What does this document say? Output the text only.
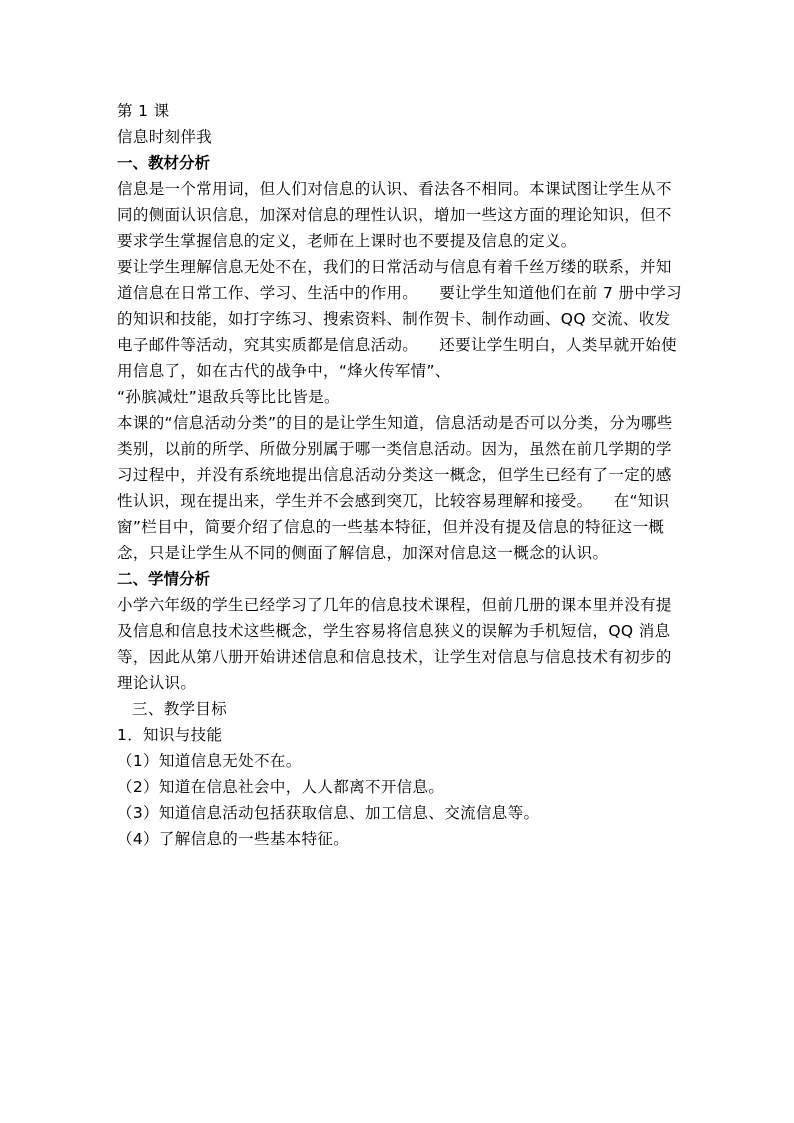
第 1 课
信息时刻伴我
一、教材分析
信息是一个常用词，但人们对信息的认识、看法各不相同。本课试图让学生从不
同的侧面认识信息，加深对信息的理性认识，增加一些这方面的理论知识，但不
要求学生掌握信息的定义，老师在上课时也不要提及信息的定义。
要让学生理解信息无处不在，我们的日常活动与信息有着千丝万缕的联系，并知
道信息在日常工作、学习、生活中的作用。    要让学生知道他们在前 7 册中学习
的知识和技能，如打字练习、搜索资料、制作贺卡、制作动画、QQ 交流、收发
电子邮件等活动，究其实质都是信息活动。    还要让学生明白，人类早就开始使
用信息了，如在古代的战争中，“烽火传军情”、
“孙膑减灶”退敌兵等比比皆是。
本课的“信息活动分类”的目的是让学生知道，信息活动是否可以分类，分为哪些
类别，以前的所学、所做分别属于哪一类信息活动。因为，虽然在前几学期的学
习过程中，并没有系统地提出信息活动分类这一概念，但学生已经有了一定的感
性认识，现在提出来，学生并不会感到突兀，比较容易理解和接受。    在“知识
窗”栏目中，简要介绍了信息的一些基本特征，但并没有提及信息的特征这一概
念，只是让学生从不同的侧面了解信息，加深对信息这一概念的认识。
二、学情分析
小学六年级的学生已经学习了几年的信息技术课程，但前几册的课本里并没有提
及信息和信息技术这些概念，学生容易将信息狭义的误解为手机短信，QQ 消息
等，因此从第八册开始讲述信息和信息技术，让学生对信息与信息技术有初步的
理论认识。
三、教学目标
1．知识与技能
（1）知道信息无处不在。
（2）知道在信息社会中，人人都离不开信息。
（3）知道信息活动包括获取信息、加工信息、交流信息等。
（4）了解信息的一些基本特征。
